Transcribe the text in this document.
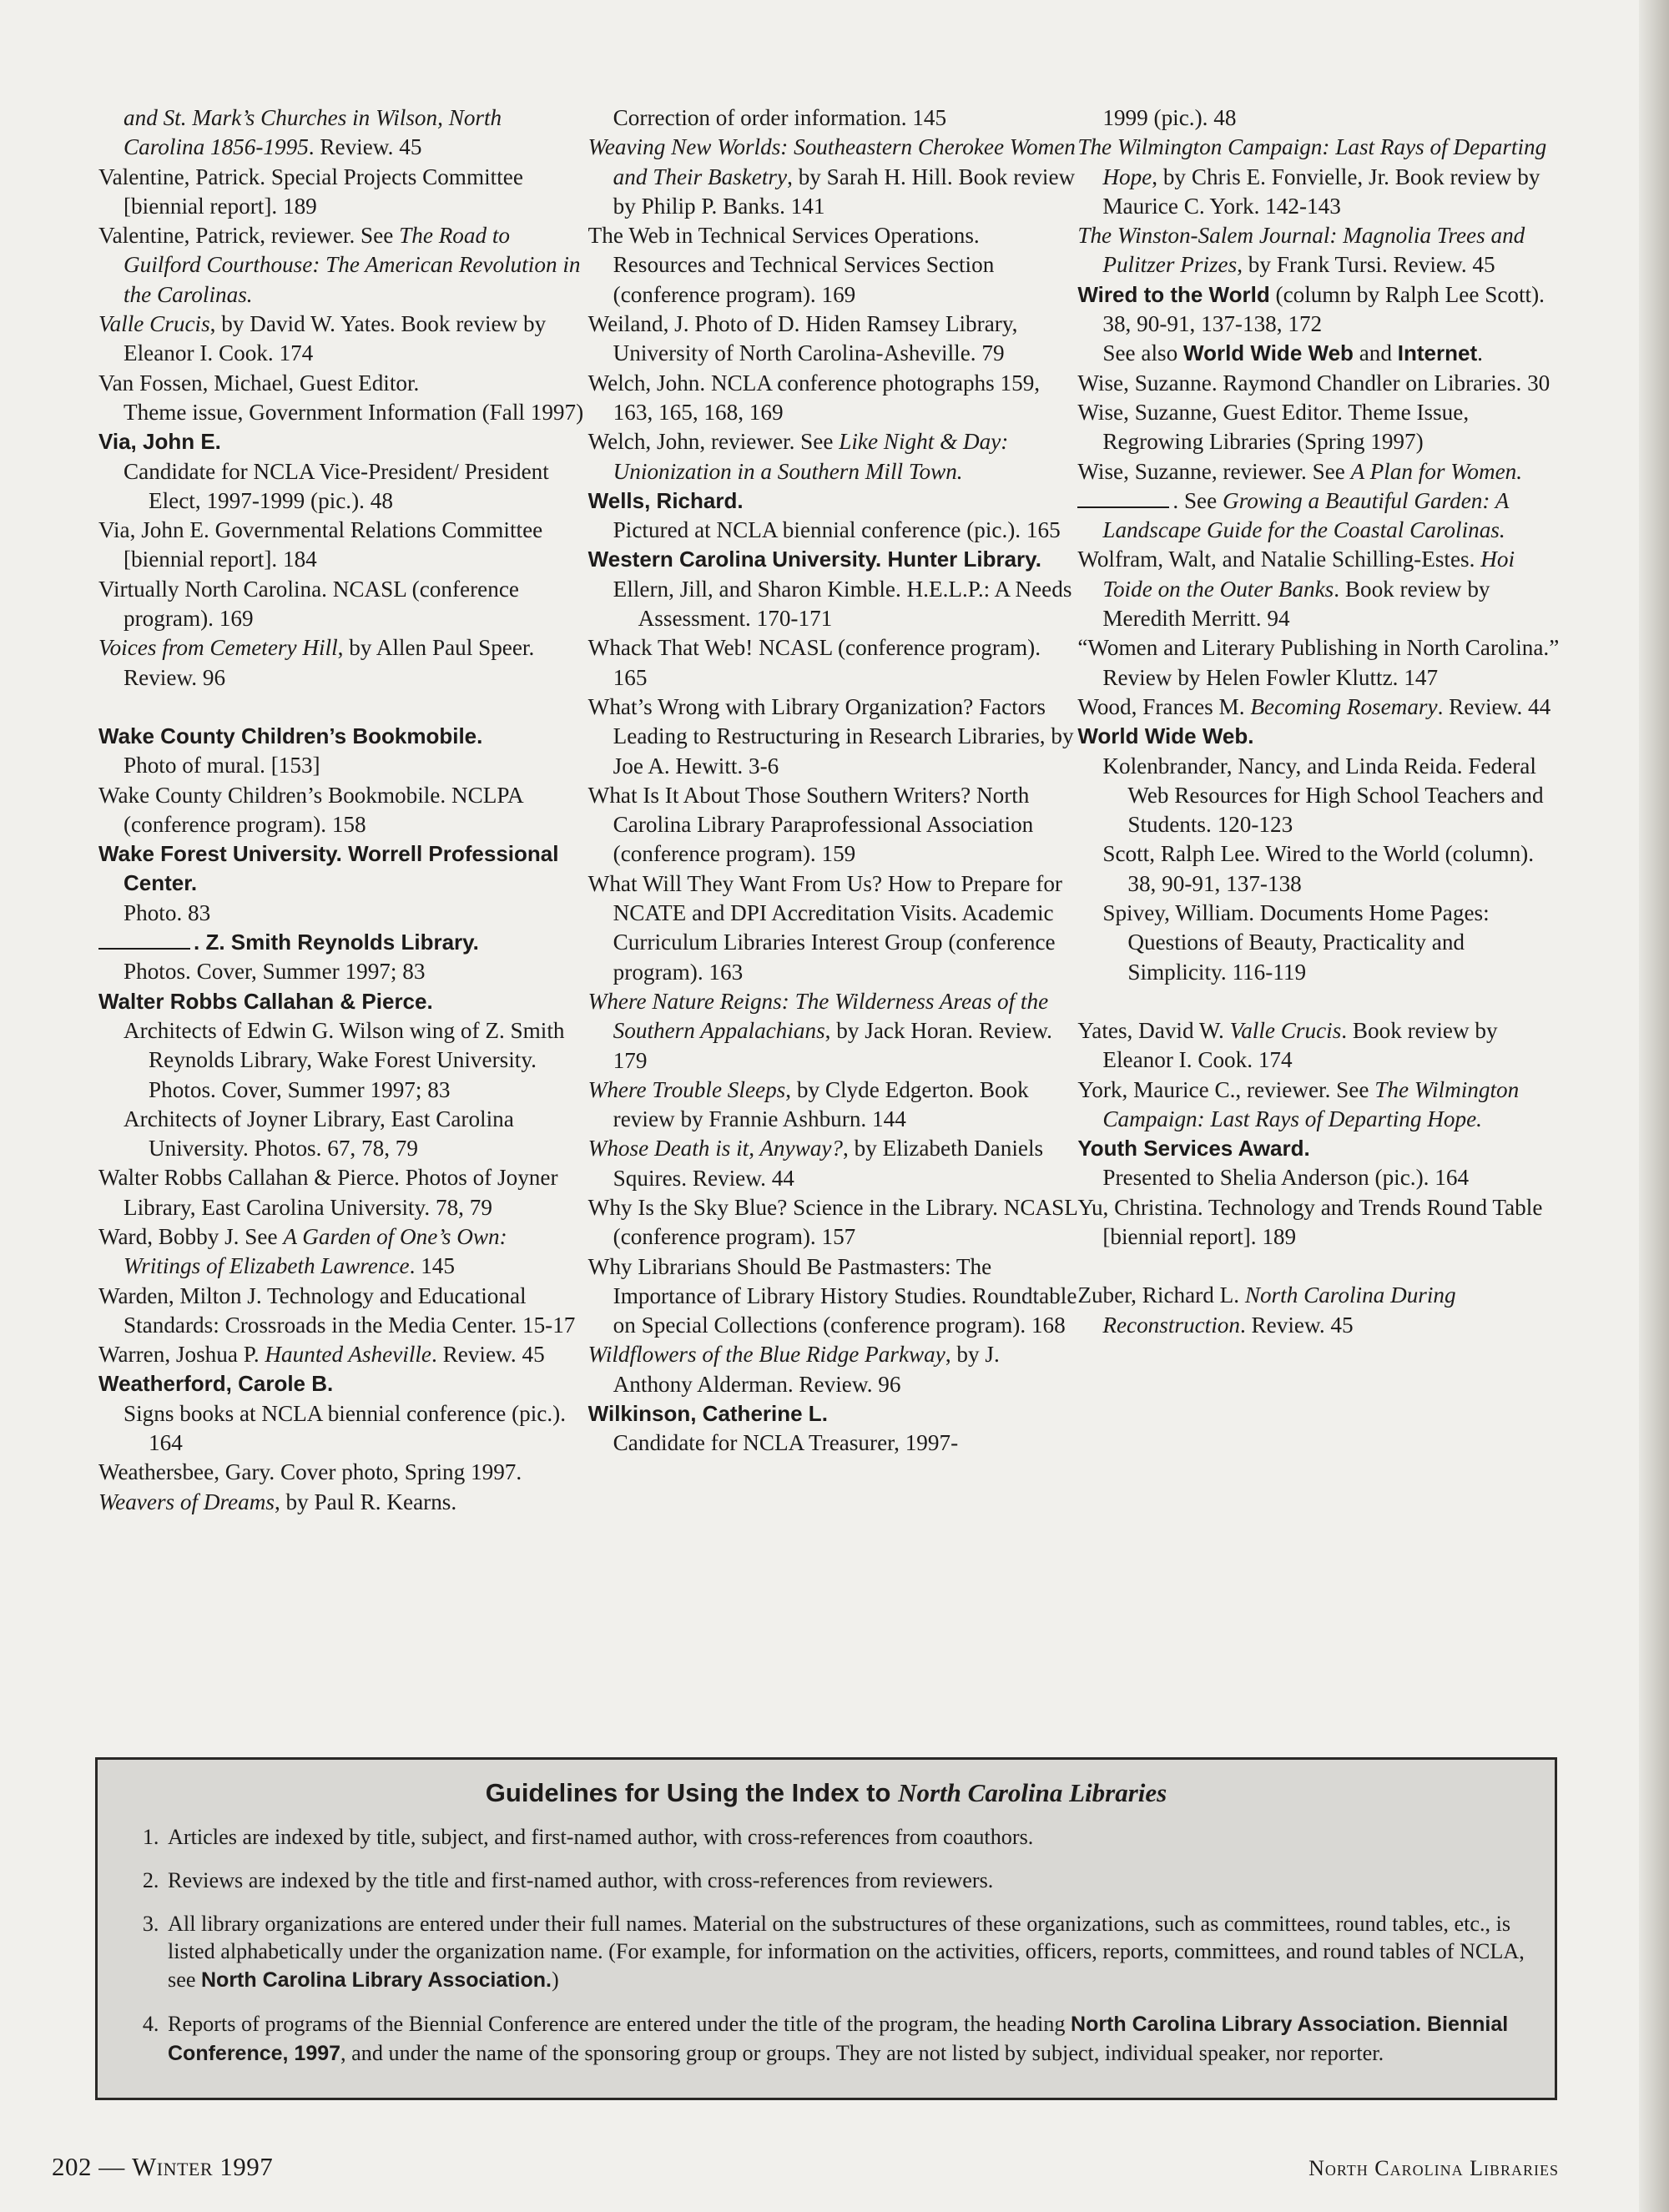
and St. Mark’s Churches in Wilson, North Carolina 1856-1995. Review. 45

Valentine, Patrick. Special Projects Committee [biennial report]. 189

Valentine, Patrick, reviewer. See The Road to Guilford Courthouse: The American Revolution in the Carolinas.

Valle Crucis, by David W. Yates. Book review by Eleanor I. Cook. 174

Van Fossen, Michael, Guest Editor.

Theme issue, Government Information (Fall 1997)

Via, John E.

Candidate for NCLA Vice-President/ President Elect, 1997-1999 (pic.). 48

Via, John E. Governmental Relations Committee [biennial report]. 184

Virtually North Carolina. NCASL (conference program). 169

Voices from Cemetery Hill, by Allen Paul Speer. Review. 96

Wake County Children’s Bookmobile.

Photo of mural. [153]

Wake County Children’s Bookmobile. NCLPA (conference program). 158

Wake Forest University. Worrell Professional Center.

Photo. 83

. Z. Smith Reynolds Library.

Photos. Cover, Summer 1997; 83

Walter Robbs Callahan & Pierce.

Architects of Edwin G. Wilson wing of Z. Smith Reynolds Library, Wake Forest University. Photos. Cover, Summer 1997; 83

Architects of Joyner Library, East Carolina University. Photos. 67, 78, 79

Walter Robbs Callahan & Pierce. Photos of Joyner Library, East Carolina University. 78, 79

Ward, Bobby J. See A Garden of One’s Own: Writings of Elizabeth Lawrence. 145

Warden, Milton J. Technology and Educational Standards: Crossroads in the Media Center. 15-17

Warren, Joshua P. Haunted Asheville. Review. 45

Weatherford, Carole B.

Signs books at NCLA biennial conference (pic.). 164

Weathersbee, Gary. Cover photo, Spring 1997.

Weavers of Dreams, by Paul R. Kearns.

Correction of order information. 145

Weaving New Worlds: Southeastern Cherokee Women and Their Basketry, by Sarah H. Hill. Book review by Philip P. Banks. 141

The Web in Technical Services Operations. Resources and Technical Services Section (conference program). 169

Weiland, J. Photo of D. Hiden Ramsey Library, University of North Carolina-Asheville. 79

Welch, John. NCLA conference photographs 159, 163, 165, 168, 169

Welch, John, reviewer. See Like Night & Day: Unionization in a Southern Mill Town.

Wells, Richard.

Pictured at NCLA biennial conference (pic.). 165

Western Carolina University. Hunter Library.

Ellern, Jill, and Sharon Kimble. H.E.L.P.: A Needs Assessment. 170-171

Whack That Web! NCASL (conference program). 165

What’s Wrong with Library Organization? Factors Leading to Restructuring in Research Libraries, by Joe A. Hewitt. 3-6

What Is It About Those Southern Writers? North Carolina Library Paraprofessional Association (conference program). 159

What Will They Want From Us? How to Prepare for NCATE and DPI Accreditation Visits. Academic Curriculum Libraries Interest Group (conference program). 163

Where Nature Reigns: The Wilderness Areas of the Southern Appalachians, by Jack Horan. Review. 179

Where Trouble Sleeps, by Clyde Edgerton. Book review by Frannie Ashburn. 144

Whose Death is it, Anyway?, by Elizabeth Daniels Squires. Review. 44

Why Is the Sky Blue? Science in the Library. NCASL (conference program). 157

Why Librarians Should Be Pastmasters: The Importance of Library History Studies. Roundtable on Special Collections (conference program). 168

Wildflowers of the Blue Ridge Parkway, by J. Anthony Alderman. Review. 96

Wilkinson, Catherine L.

Candidate for NCLA Treasurer, 1997-

1999 (pic.). 48

The Wilmington Campaign: Last Rays of Departing Hope, by Chris E. Fonvielle, Jr. Book review by Maurice C. York. 142-143

The Winston-Salem Journal: Magnolia Trees and Pulitzer Prizes, by Frank Tursi. Review. 45

Wired to the World (column by Ralph Lee Scott). 38, 90-91, 137-138, 172

See also World Wide Web and Internet.

Wise, Suzanne. Raymond Chandler on Libraries. 30

Wise, Suzanne, Guest Editor. Theme Issue, Regrowing Libraries (Spring 1997)

Wise, Suzanne, reviewer. See A Plan for Women.

. See Growing a Beautiful Garden: A Landscape Guide for the Coastal Carolinas.

Wolfram, Walt, and Natalie Schilling-Estes. Hoi Toide on the Outer Banks. Book review by Meredith Merritt. 94

“Women and Literary Publishing in North Carolina.” Review by Helen Fowler Kluttz. 147

Wood, Frances M. Becoming Rosemary. Review. 44

World Wide Web.

Kolenbrander, Nancy, and Linda Reida. Federal Web Resources for High School Teachers and Students. 120-123

Scott, Ralph Lee. Wired to the World (column). 38, 90-91, 137-138

Spivey, William. Documents Home Pages: Questions of Beauty, Practicality and Simplicity. 116-119

Yates, David W. Valle Crucis. Book review by Eleanor I. Cook. 174

York, Maurice C., reviewer. See The Wilmington Campaign: Last Rays of Departing Hope.

Youth Services Award.

Presented to Shelia Anderson (pic.). 164

Yu, Christina. Technology and Trends Round Table [biennial report]. 189

Zuber, Richard L. North Carolina During Reconstruction. Review. 45

Guidelines for Using the Index to North Carolina Libraries
1. Articles are indexed by title, subject, and first-named author, with cross-references from coauthors.
2. Reviews are indexed by the title and first-named author, with cross-references from reviewers.
3. All library organizations are entered under their full names. Material on the substructures of these organizations, such as committees, round tables, etc., is listed alphabetically under the organization name. (For example, for information on the activities, officers, reports, committees, and round tables of NCLA, see North Carolina Library Association.)
4. Reports of programs of the Biennial Conference are entered under the title of the program, the heading North Carolina Library Association. Biennial Conference, 1997, and under the name of the sponsoring group or groups. They are not listed by subject, individual speaker, nor reporter.
202 — Winter 1997	North Carolina Libraries
